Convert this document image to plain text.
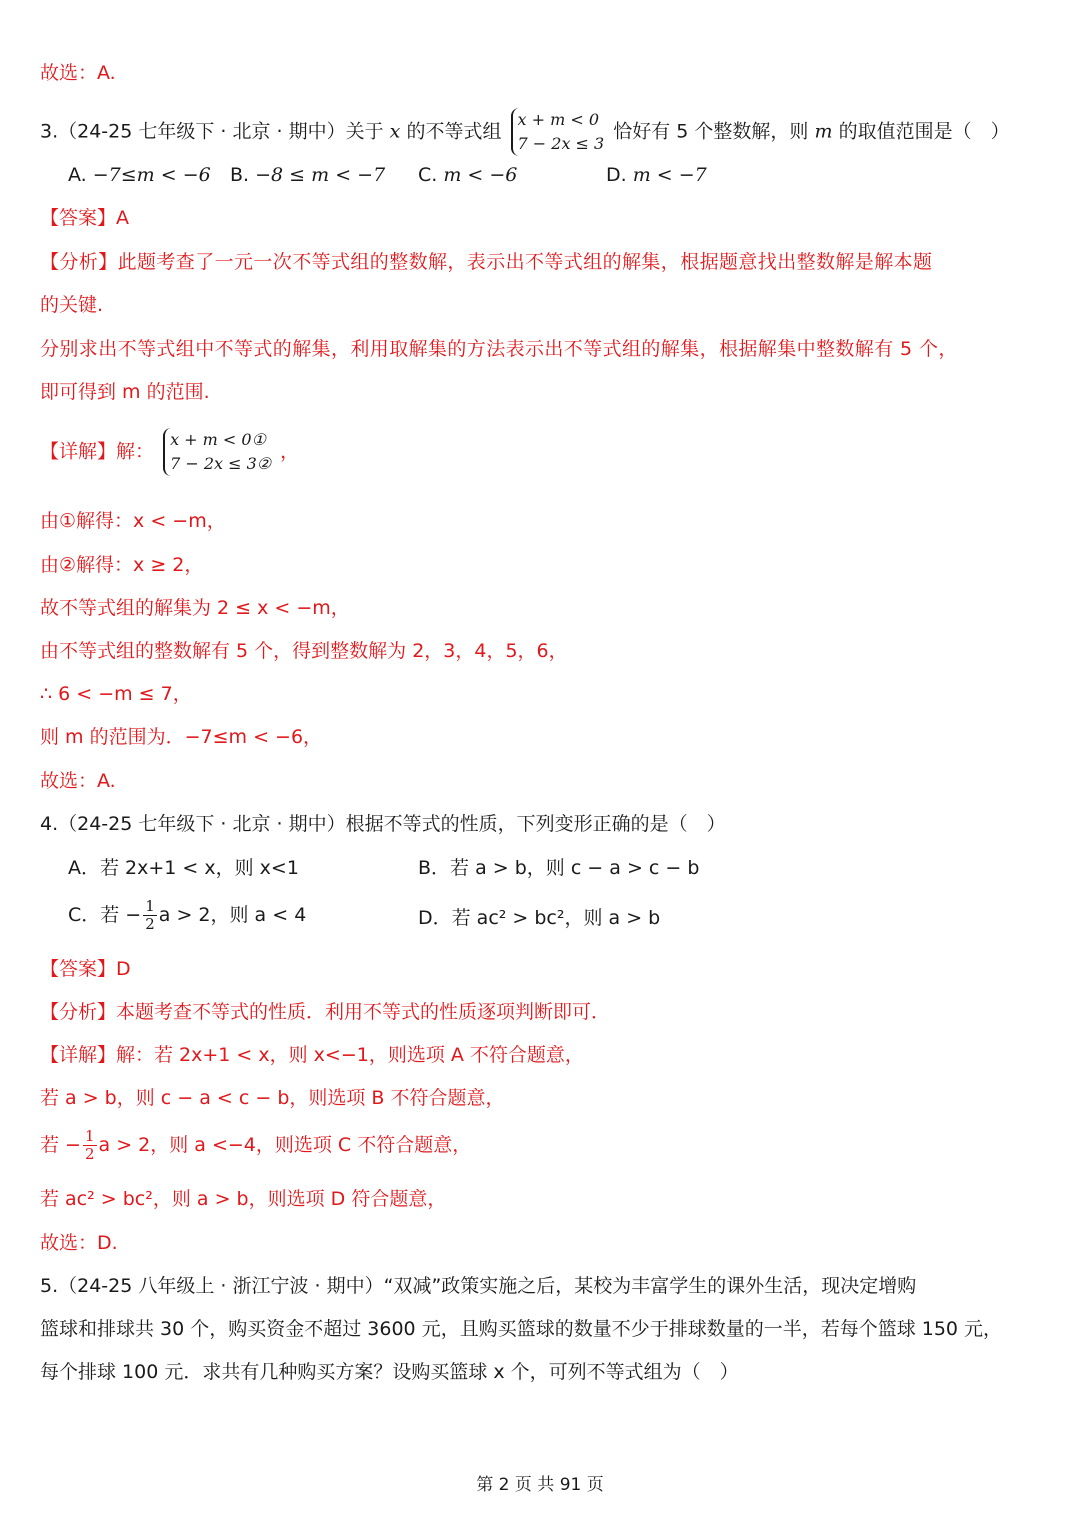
故选：A.
3.（24-25 七年级下 · 北京 · 期中）关于 x 的不等式组
x + m < 0
7 − 2x ≤ 3
恰好有 5 个整数解，则 m 的取值范围是（　）
A. −7≤m < −6 B. −8 ≤ m < −7 C. m < −6	D. m < −7
【答案】A
【分析】此题考查了一元一次不等式组的整数解，表示出不等式组的解集，根据题意找出整数解是解本题
的关键.
分别求出不等式组中不等式的解集，利用取解集的方法表示出不等式组的解集，根据解集中整数解有 5 个，
即可得到 m 的范围.
【详解】解：
x + m < 0①
7 − 2x ≤ 3②
，
由①解得：x < −m，
由②解得：x ≥ 2，
故不等式组的解集为 2 ≤ x < −m，
由不等式组的整数解有 5 个，得到整数解为 2，3，4，5，6，
∴ 6 < −m ≤ 7，
则 m 的范围为．−7≤m < −6，
故选：A.
4.（24-25 七年级下 · 北京 · 期中）根据不等式的性质，下列变形正确的是（　）
A．若 2x+1 < x，则 x<1	B．若 a > b，则 c − a > c − b
C．若 − $\frac{1}{2}$ a > 2，则 a < 4	D．若 ac² > bc²，则 a > b
【答案】D
【分析】本题考查不等式的性质．利用不等式的性质逐项判断即可．
【详解】解：若 2x+1 < x，则 x<−1，则选项 A 不符合题意，
若 a > b，则 c − a < c − b，则选项 B 不符合题意，
若 − $\frac{1}{2}$ a > 2，则 a <−4，则选项 C 不符合题意，
若 ac² > bc²，则 a > b，则选项 D 符合题意，
故选：D.
5.（24-25 八年级上 · 浙江宁波 · 期中）“双减”政策实施之后，某校为丰富学生的课外生活，现决定增购
篮球和排球共 30 个，购买资金不超过 3600 元，且购买篮球的数量不少于排球数量的一半，若每个篮球 150 元，
每个排球 100 元．求共有几种购买方案？设购买篮球 x 个，可列不等式组为（　）
第 2 页 共 91 页
